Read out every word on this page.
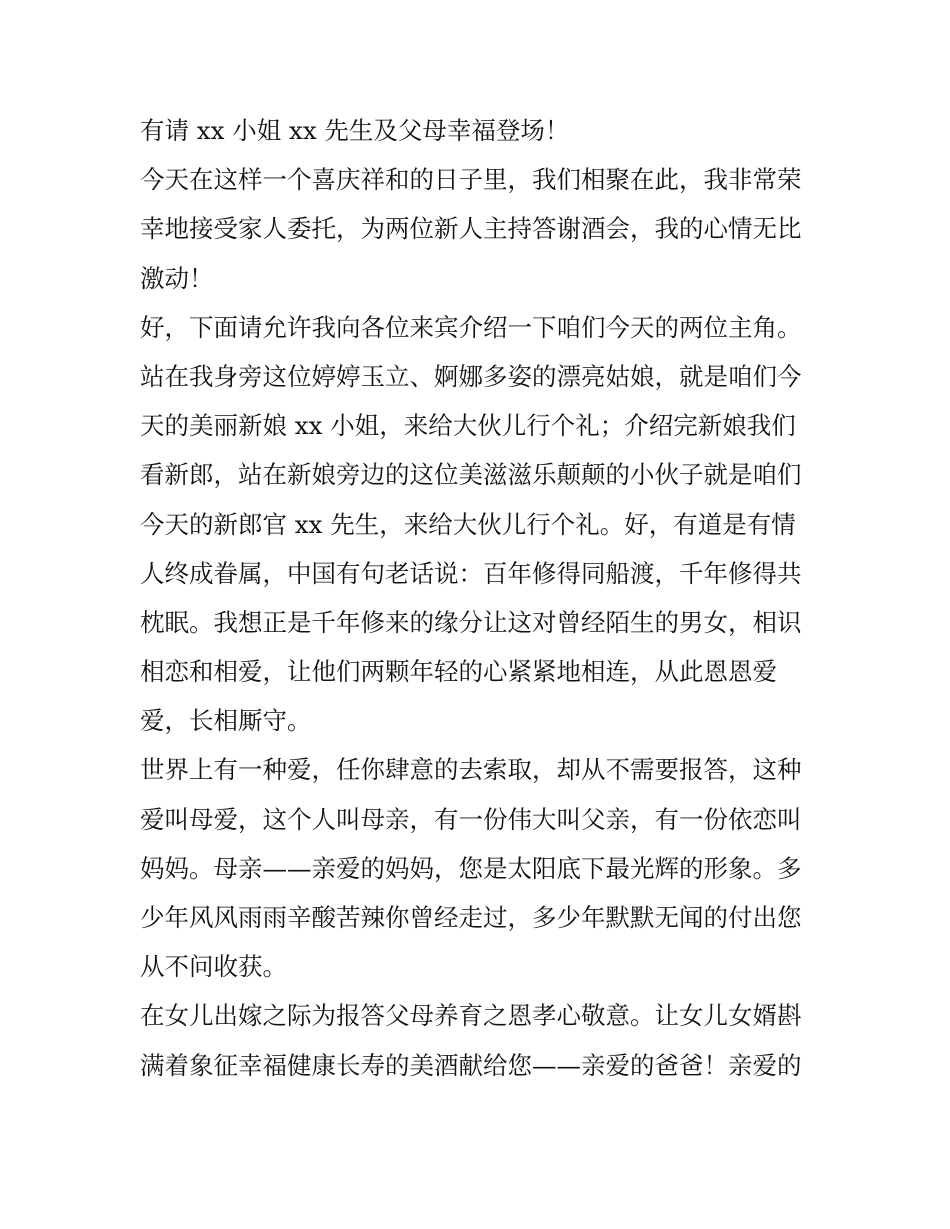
有请 xx 小姐 xx 先生及父母幸福登场！
今天在这样一个喜庆祥和的日子里，我们相聚在此，我非常荣
幸地接受家人委托，为两位新人主持答谢酒会，我的心情无比
激动！
好，下面请允许我向各位来宾介绍一下咱们今天的两位主角。
站在我身旁这位婷婷玉立、婀娜多姿的漂亮姑娘，就是咱们今
天的美丽新娘 xx 小姐，来给大伙儿行个礼；介绍完新娘我们
看新郎，站在新娘旁边的这位美滋滋乐颠颠的小伙子就是咱们
今天的新郎官 xx 先生，来给大伙儿行个礼。好，有道是有情
人终成眷属，中国有句老话说：百年修得同船渡，千年修得共
枕眠。我想正是千年修来的缘分让这对曾经陌生的男女，相识
相恋和相爱，让他们两颗年轻的心紧紧地相连，从此恩恩爱
爱，长相厮守。
世界上有一种爱，任你肆意的去索取，却从不需要报答，这种
爱叫母爱，这个人叫母亲，有一份伟大叫父亲，有一份依恋叫
妈妈。母亲——亲爱的妈妈，您是太阳底下最光辉的形象。多
少年风风雨雨辛酸苦辣你曾经走过，多少年默默无闻的付出您
从不问收获。
在女儿出嫁之际为报答父母养育之恩孝心敬意。让女儿女婿斟
满着象征幸福健康长寿的美酒献给您——亲爱的爸爸！亲爱的
